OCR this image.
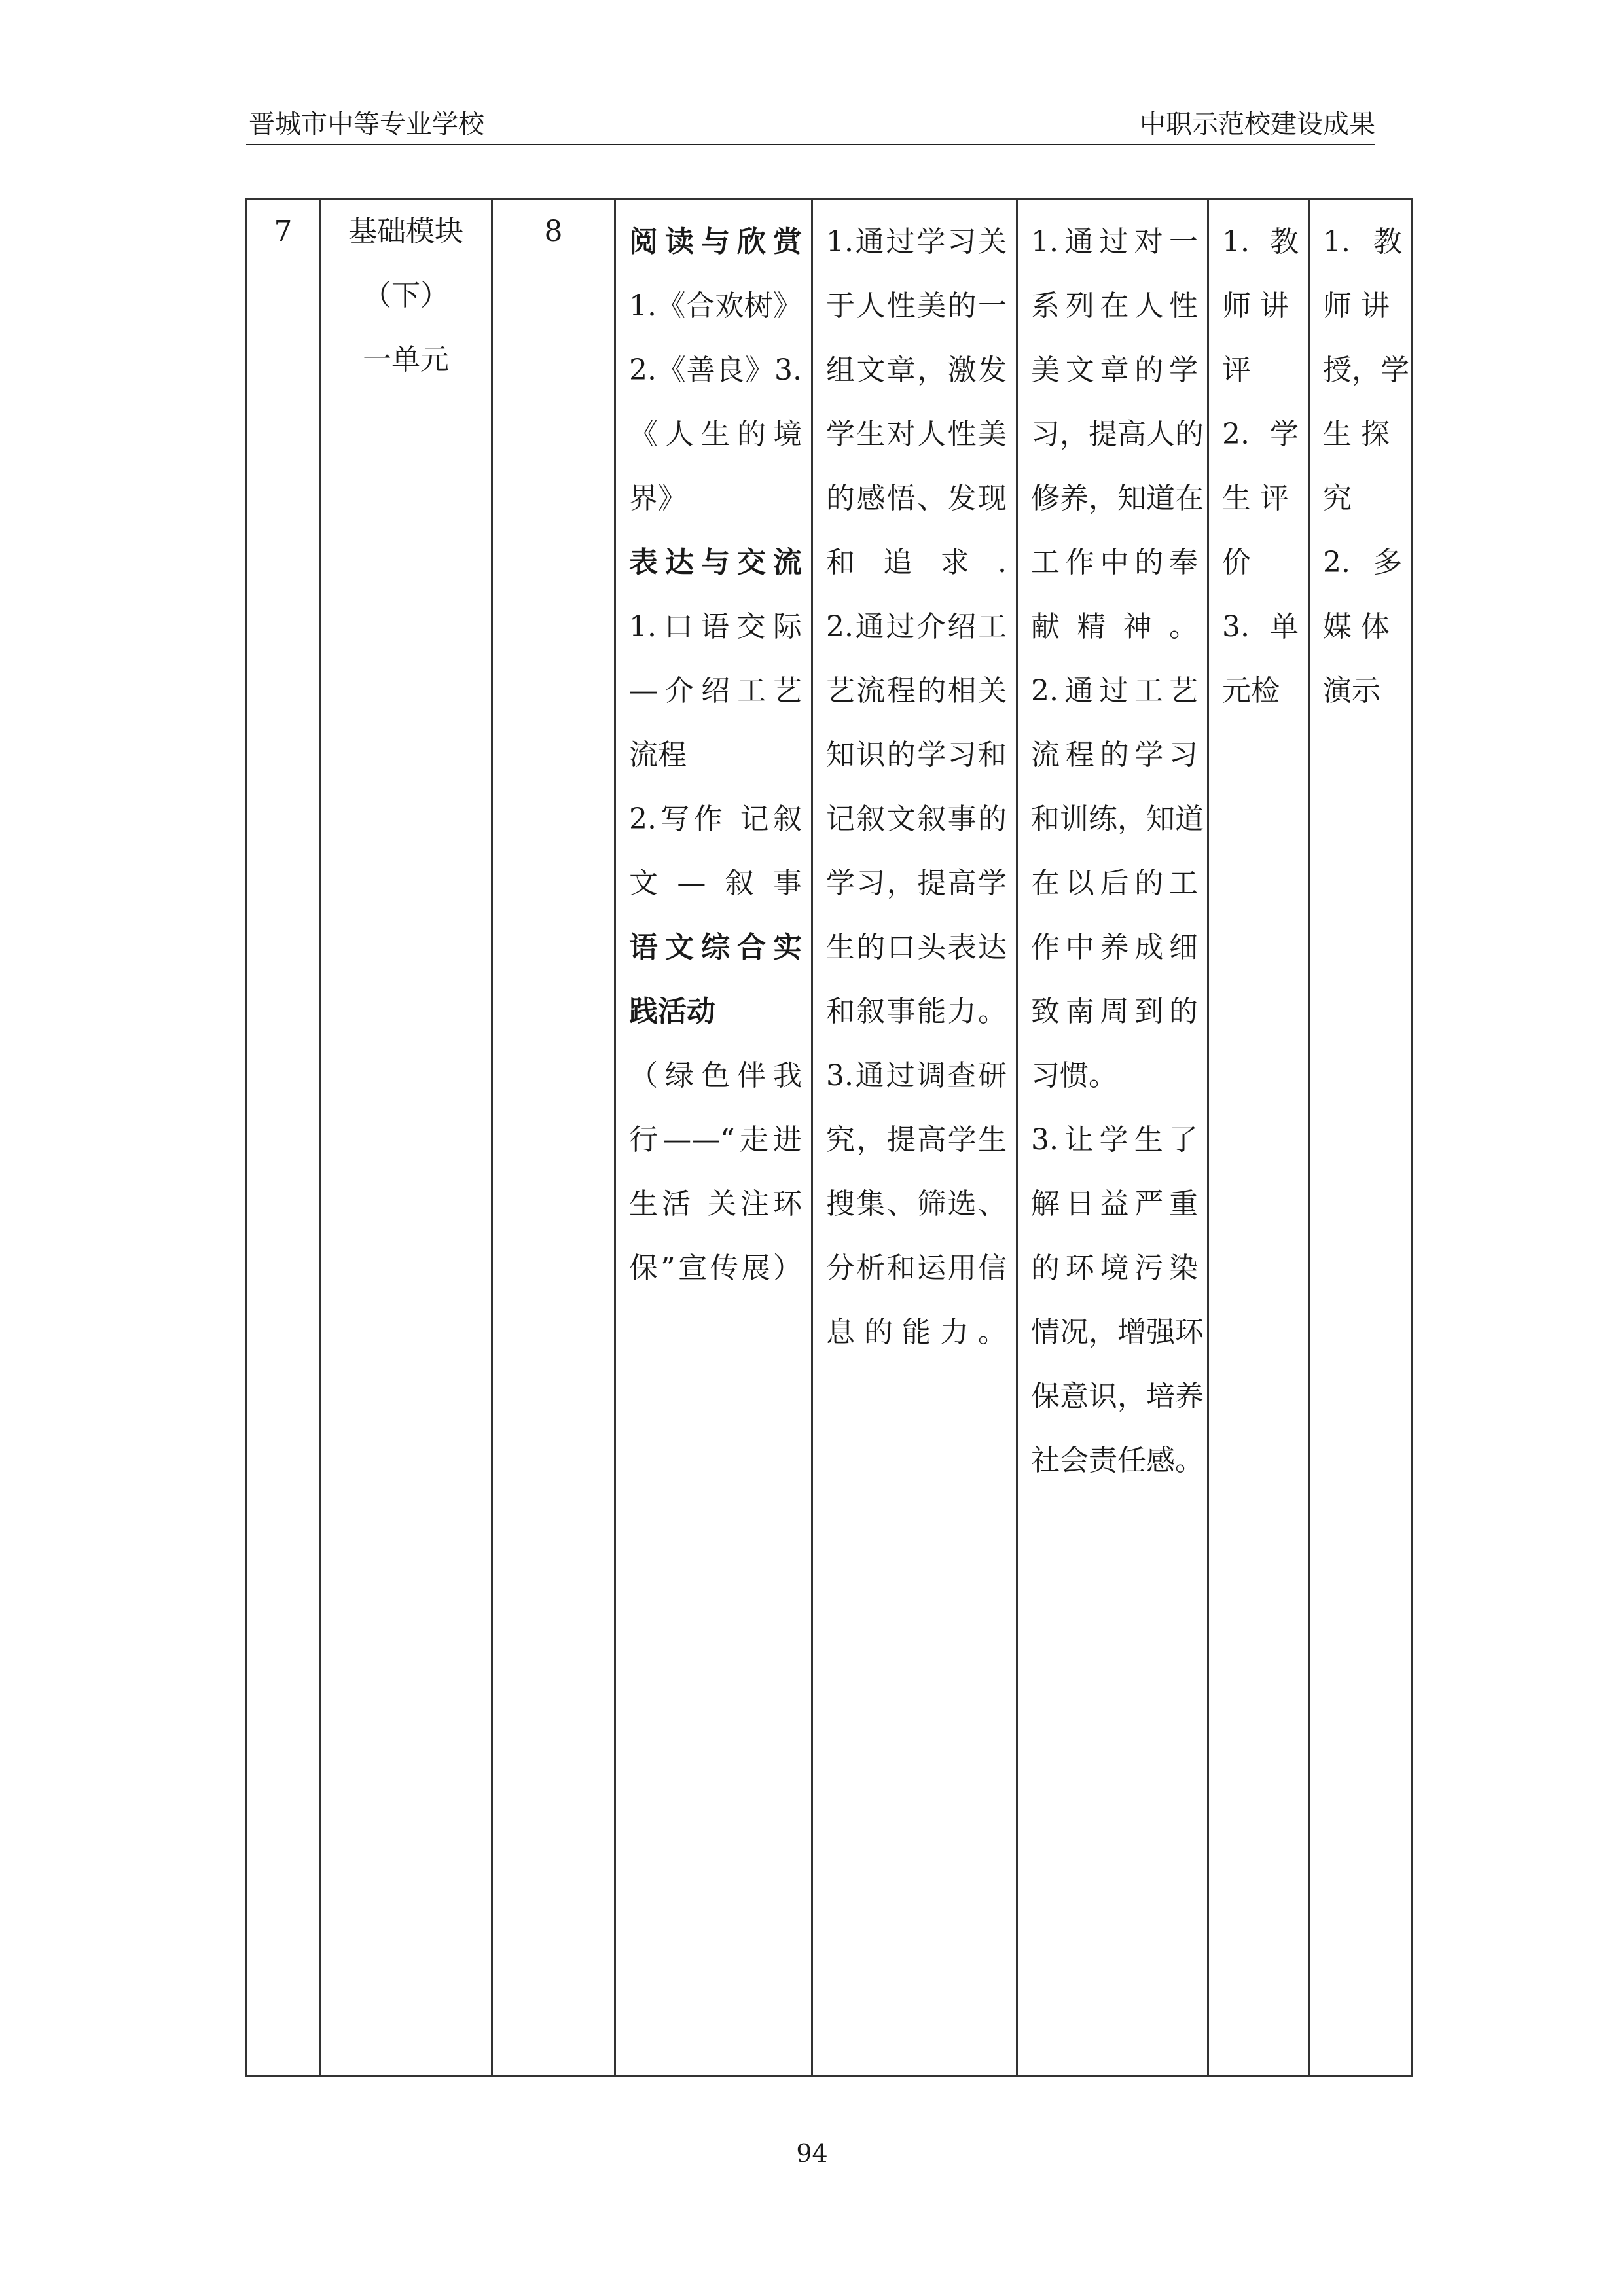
晋城市中等专业学校	中职示范校建设成果
7	基础模块
（下）
一单元
	8	阅读与欣赏
1.《合欢树》
2.《善良》3.
《人生的境
界》
表达与交流
1.口语交际
—介绍工艺
流程
2.写作 记叙
文—叙事
语文综合实
践活动
（绿色伴我
行——“走进
生活 关注环
保”宣传展）

1.通过学习关
于人性美的一
组文章，激发
学生对人性美
的感悟、发现
和追求.
2.通过介绍工
艺流程的相关
知识的学习和
记叙文叙事的
学习，提高学
生的口头表达
和叙事能力。
3.通过调查研
究，提高学生
搜集、筛选、
分析和运用信
息的能力。

1.通过对一
系列在人性
美文章的学
习，提高人的
修养，知道在
工作中的奉
献精神。
2.通过工艺
流程的学习
和训练，知道
在以后的工
作中养成细
致南周到的
习惯。
3.让学生了
解日益严重
的环境污染
情况，增强环
保意识，培养
社会责任感。

1. 教
师 讲
评
2. 学
生 评
价
3. 单
元检

1. 教
师 讲
授，学
生 探
究
2. 多
媒 体
演示
94
